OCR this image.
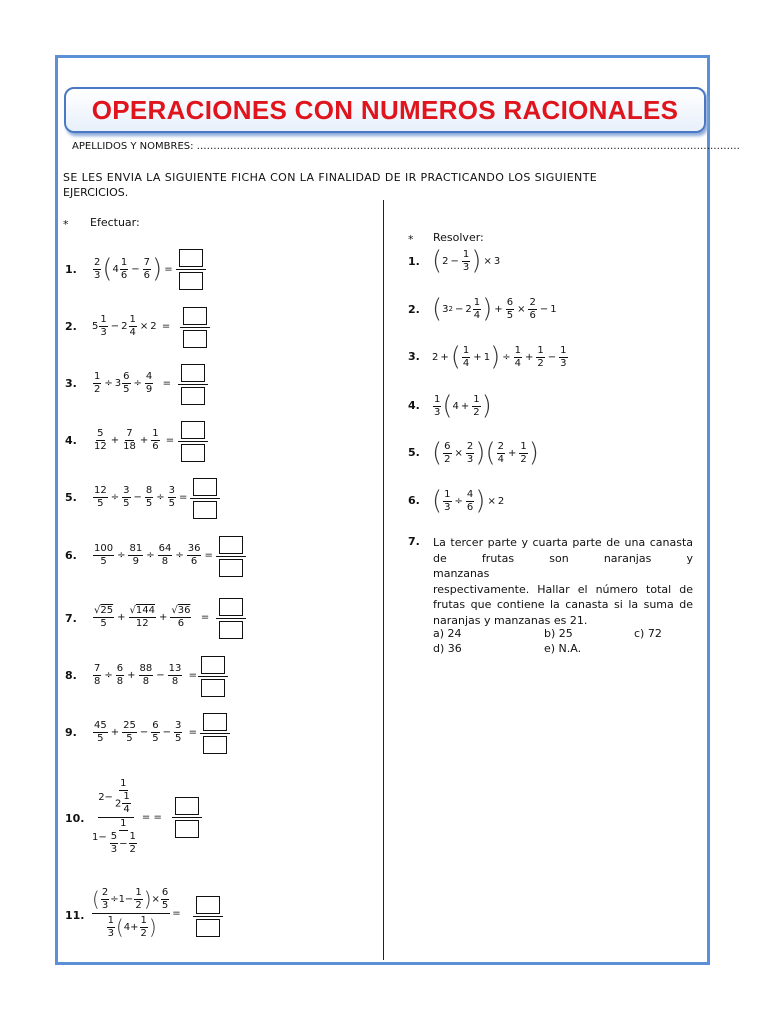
OPERACIONES CON NUMEROS RACIONALES
APELLIDOS Y NOMBRES: ……………………………………………………………………………………………………………………………………………….
SE LES ENVIA LA SIGUIENTE FICHA CON LA FINALIDAD DE IR PRACTICANDO LOS SIGUIENTE
EJERCICIOS.
* Efectuar:
* Resolver:
1.
2.
3.
4.
5.
6.
7.
8.
9.
10.
11.
2
3 ( 4
1
6
− $\frac{7}{6}$ ) =
5
1
3
− 2
1
4
× 2 =
$\frac{1}{2} \div 3$
6
5
÷ $\frac{4}{9}$ =
5
12
+ $\frac{7}{18} + \frac{1}{6}$ =
$\frac{12}{5} \div \frac{3}{5} - \frac{8}{5} \div \frac{3}{5}$ =
$\frac{100}{5} \div \frac{81}{9} \div \frac{64}{8} \div \frac{36}{6}$ =
√25
5
+ $\frac{√144}{12} + \frac{√36}{6}$ =
$\frac{7}{8} \div \frac{6}{8} + \frac{88}{8} - \frac{13}{8}$ =
45
5
+ $\frac{25}{5} - \frac{6}{5} - \frac{3}{5}$ =
2−
1
$2 \frac{1}{4}$
1−
1
$\frac{5}{3} - \frac{1}{2}$ = =
( 2
3
÷1−
1
2 ) ×
6
5
1
3 ( 4+
1
2 ) =
1.
2.
3.
4.
5.
6.
7.
( $2 - \frac{1}{3}$ ) × 3
( 3 2 − 2
1
4 ) + $\frac{6}{5} \times \frac{2}{6} - 1$
2 + ( 1
4
+ 1 ) ÷ $\frac{1}{4} + \frac{1}{2} - \frac{1}{3}$
1
3 ( $4 + \frac{1}{2}$ )
( $\frac{6}{2} \times \frac{2}{3}$ ) ( 2
4
+ $\frac{1}{2}$ )
( $\frac{1}{3} \div \frac{4}{6}$ ) × 2
La tercer parte y cuarta parte de una canasta
de frutas son naranjas y manzanas
respectivamente. Hallar el número total de
frutas que contiene la canasta si la suma de
naranjas y manzanas es 21.
a) 24	b) 25	c) 72
d) 36	e) N.A.
